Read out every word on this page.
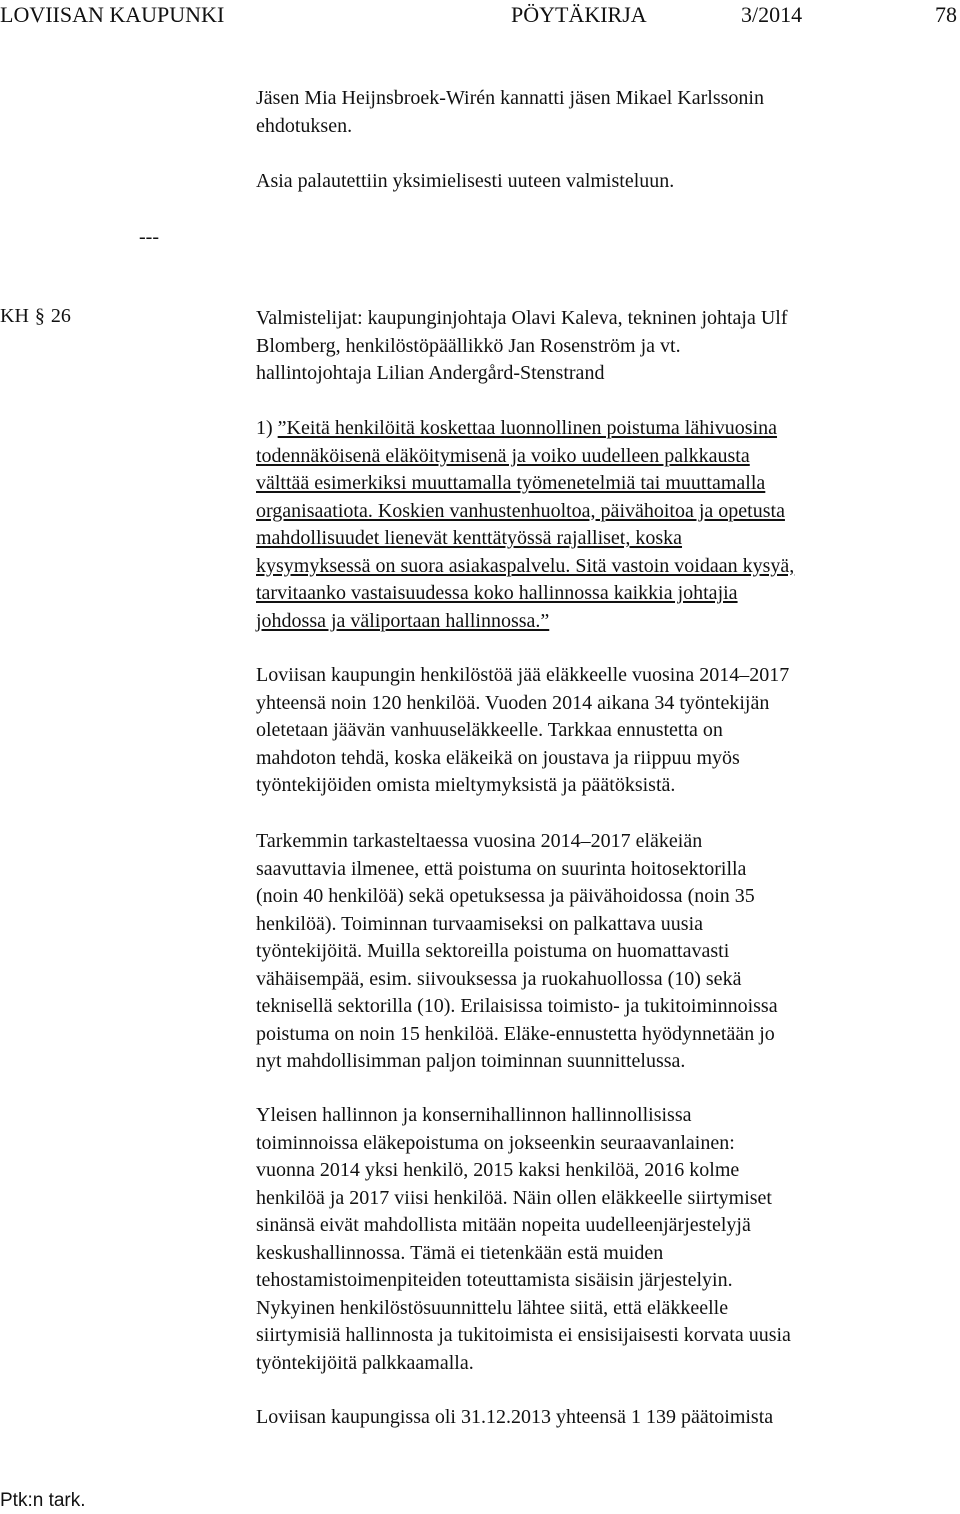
LOVIISAN KAUPUNKI	PÖYTÄKIRJA	3/2014	78

Jäsen Mia Heijnsbroek-Wirén kannatti jäsen Mikael Karlssonin

ehdotuksen.

Asia palautettiin yksimielisesti uuteen valmisteluun.

---
KH § 26	Valmistelijat: kaupunginjohtaja Olavi Kaleva, tekninen johtaja Ulf

Blomberg, henkilöstöpäällikkö Jan Rosenström ja vt.

hallintojohtaja Lilian Andergård-Stenstrand

1) ”Keitä henkilöitä koskettaa luonnollinen poistuma lähivuosina

todennäköisenä eläköitymisenä ja voiko uudelleen palkkausta

välttää esimerkiksi muuttamalla työmenetelmiä tai muuttamalla

organisaatiota. Koskien vanhustenhuoltoa, päivähoitoa ja opetusta

mahdollisuudet lienevät kenttätyössä rajalliset, koska

kysymyksessä on suora asiakaspalvelu. Sitä vastoin voidaan kysyä,

tarvitaanko vastaisuudessa koko hallinnossa kaikkia johtajia

johdossa ja väliportaan hallinnossa.”

Loviisan kaupungin henkilöstöä jää eläkkeelle vuosina 2014–2017

yhteensä noin 120 henkilöä. Vuoden 2014 aikana 34 työntekijän

oletetaan jäävän vanhuuseläkkeelle. Tarkkaa ennustetta on

mahdoton tehdä, koska eläkeikä on joustava ja riippuu myös

työntekijöiden omista mieltymyksistä ja päätöksistä.

Tarkemmin tarkasteltaessa vuosina 2014–2017 eläkeiän

saavuttavia ilmenee, että poistuma on suurinta hoitosektorilla

(noin 40 henkilöä) sekä opetuksessa ja päivähoidossa (noin 35

henkilöä). Toiminnan turvaamiseksi on palkattava uusia

työntekijöitä. Muilla sektoreilla poistuma on huomattavasti

vähäisempää, esim. siivouksessa ja ruokahuollossa (10) sekä

teknisellä sektorilla (10). Erilaisissa toimisto- ja tukitoiminnoissa

poistuma on noin 15 henkilöä. Eläke-ennustetta hyödynnetään jo

nyt mahdollisimman paljon toiminnan suunnittelussa.

Yleisen hallinnon ja konsernihallinnon hallinnollisissa

toiminnoissa eläkepoistuma on jokseenkin seuraavanlainen:

vuonna 2014 yksi henkilö, 2015 kaksi henkilöä, 2016 kolme

henkilöä ja 2017 viisi henkilöä. Näin ollen eläkkeelle siirtymiset

sinänsä eivät mahdollista mitään nopeita uudelleenjärjestelyjä

keskushallinnossa. Tämä ei tietenkään estä muiden

tehostamistoimenpiteiden toteuttamista sisäisin järjestelyin.

Nykyinen henkilöstösuunnittelu lähtee siitä, että eläkkeelle

siirtymisiä hallinnosta ja tukitoimista ei ensisijaisesti korvata uusia

työntekijöitä palkkaamalla.

Loviisan kaupungissa oli 31.12.2013 yhteensä 1 139 päätoimista

Ptk:n tark.
